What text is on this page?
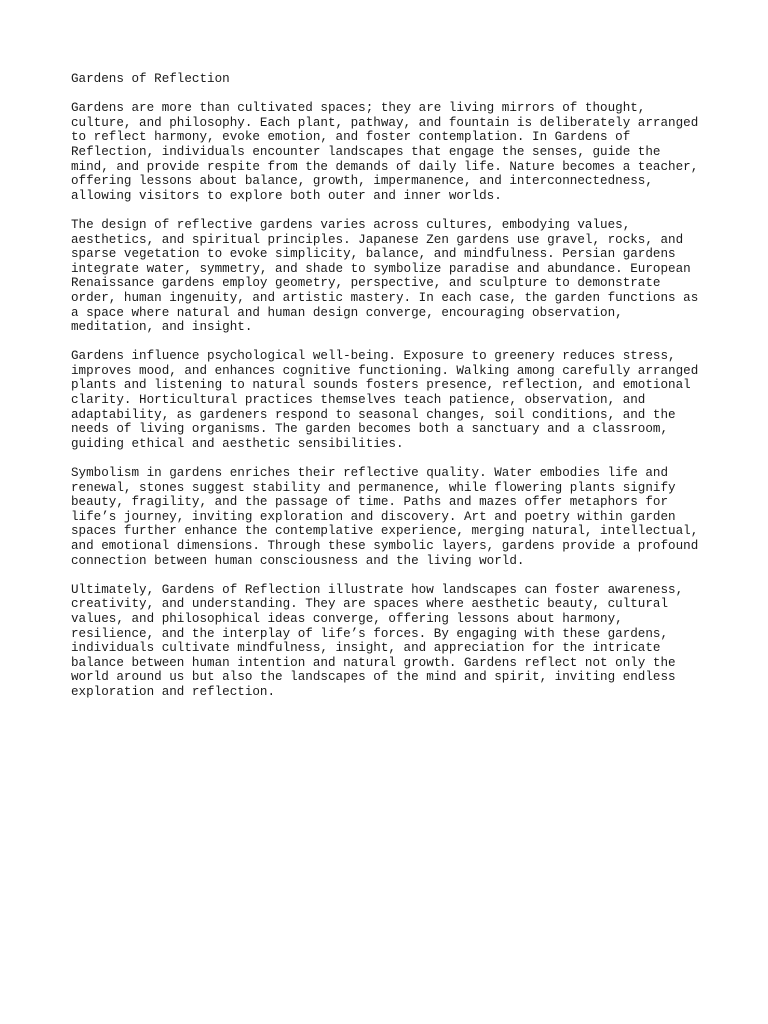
Gardens of Reflection
Gardens are more than cultivated spaces; they are living mirrors of thought,
culture, and philosophy. Each plant, pathway, and fountain is deliberately arranged
to reflect harmony, evoke emotion, and foster contemplation. In Gardens of
Reflection, individuals encounter landscapes that engage the senses, guide the
mind, and provide respite from the demands of daily life. Nature becomes a teacher,
offering lessons about balance, growth, impermanence, and interconnectedness,
allowing visitors to explore both outer and inner worlds.
The design of reflective gardens varies across cultures, embodying values,
aesthetics, and spiritual principles. Japanese Zen gardens use gravel, rocks, and
sparse vegetation to evoke simplicity, balance, and mindfulness. Persian gardens
integrate water, symmetry, and shade to symbolize paradise and abundance. European
Renaissance gardens employ geometry, perspective, and sculpture to demonstrate
order, human ingenuity, and artistic mastery. In each case, the garden functions as
a space where natural and human design converge, encouraging observation,
meditation, and insight.
Gardens influence psychological well-being. Exposure to greenery reduces stress,
improves mood, and enhances cognitive functioning. Walking among carefully arranged
plants and listening to natural sounds fosters presence, reflection, and emotional
clarity. Horticultural practices themselves teach patience, observation, and
adaptability, as gardeners respond to seasonal changes, soil conditions, and the
needs of living organisms. The garden becomes both a sanctuary and a classroom,
guiding ethical and aesthetic sensibilities.
Symbolism in gardens enriches their reflective quality. Water embodies life and
renewal, stones suggest stability and permanence, while flowering plants signify
beauty, fragility, and the passage of time. Paths and mazes offer metaphors for
life’s journey, inviting exploration and discovery. Art and poetry within garden
spaces further enhance the contemplative experience, merging natural, intellectual,
and emotional dimensions. Through these symbolic layers, gardens provide a profound
connection between human consciousness and the living world.
Ultimately, Gardens of Reflection illustrate how landscapes can foster awareness,
creativity, and understanding. They are spaces where aesthetic beauty, cultural
values, and philosophical ideas converge, offering lessons about harmony,
resilience, and the interplay of life’s forces. By engaging with these gardens,
individuals cultivate mindfulness, insight, and appreciation for the intricate
balance between human intention and natural growth. Gardens reflect not only the
world around us but also the landscapes of the mind and spirit, inviting endless
exploration and reflection.
